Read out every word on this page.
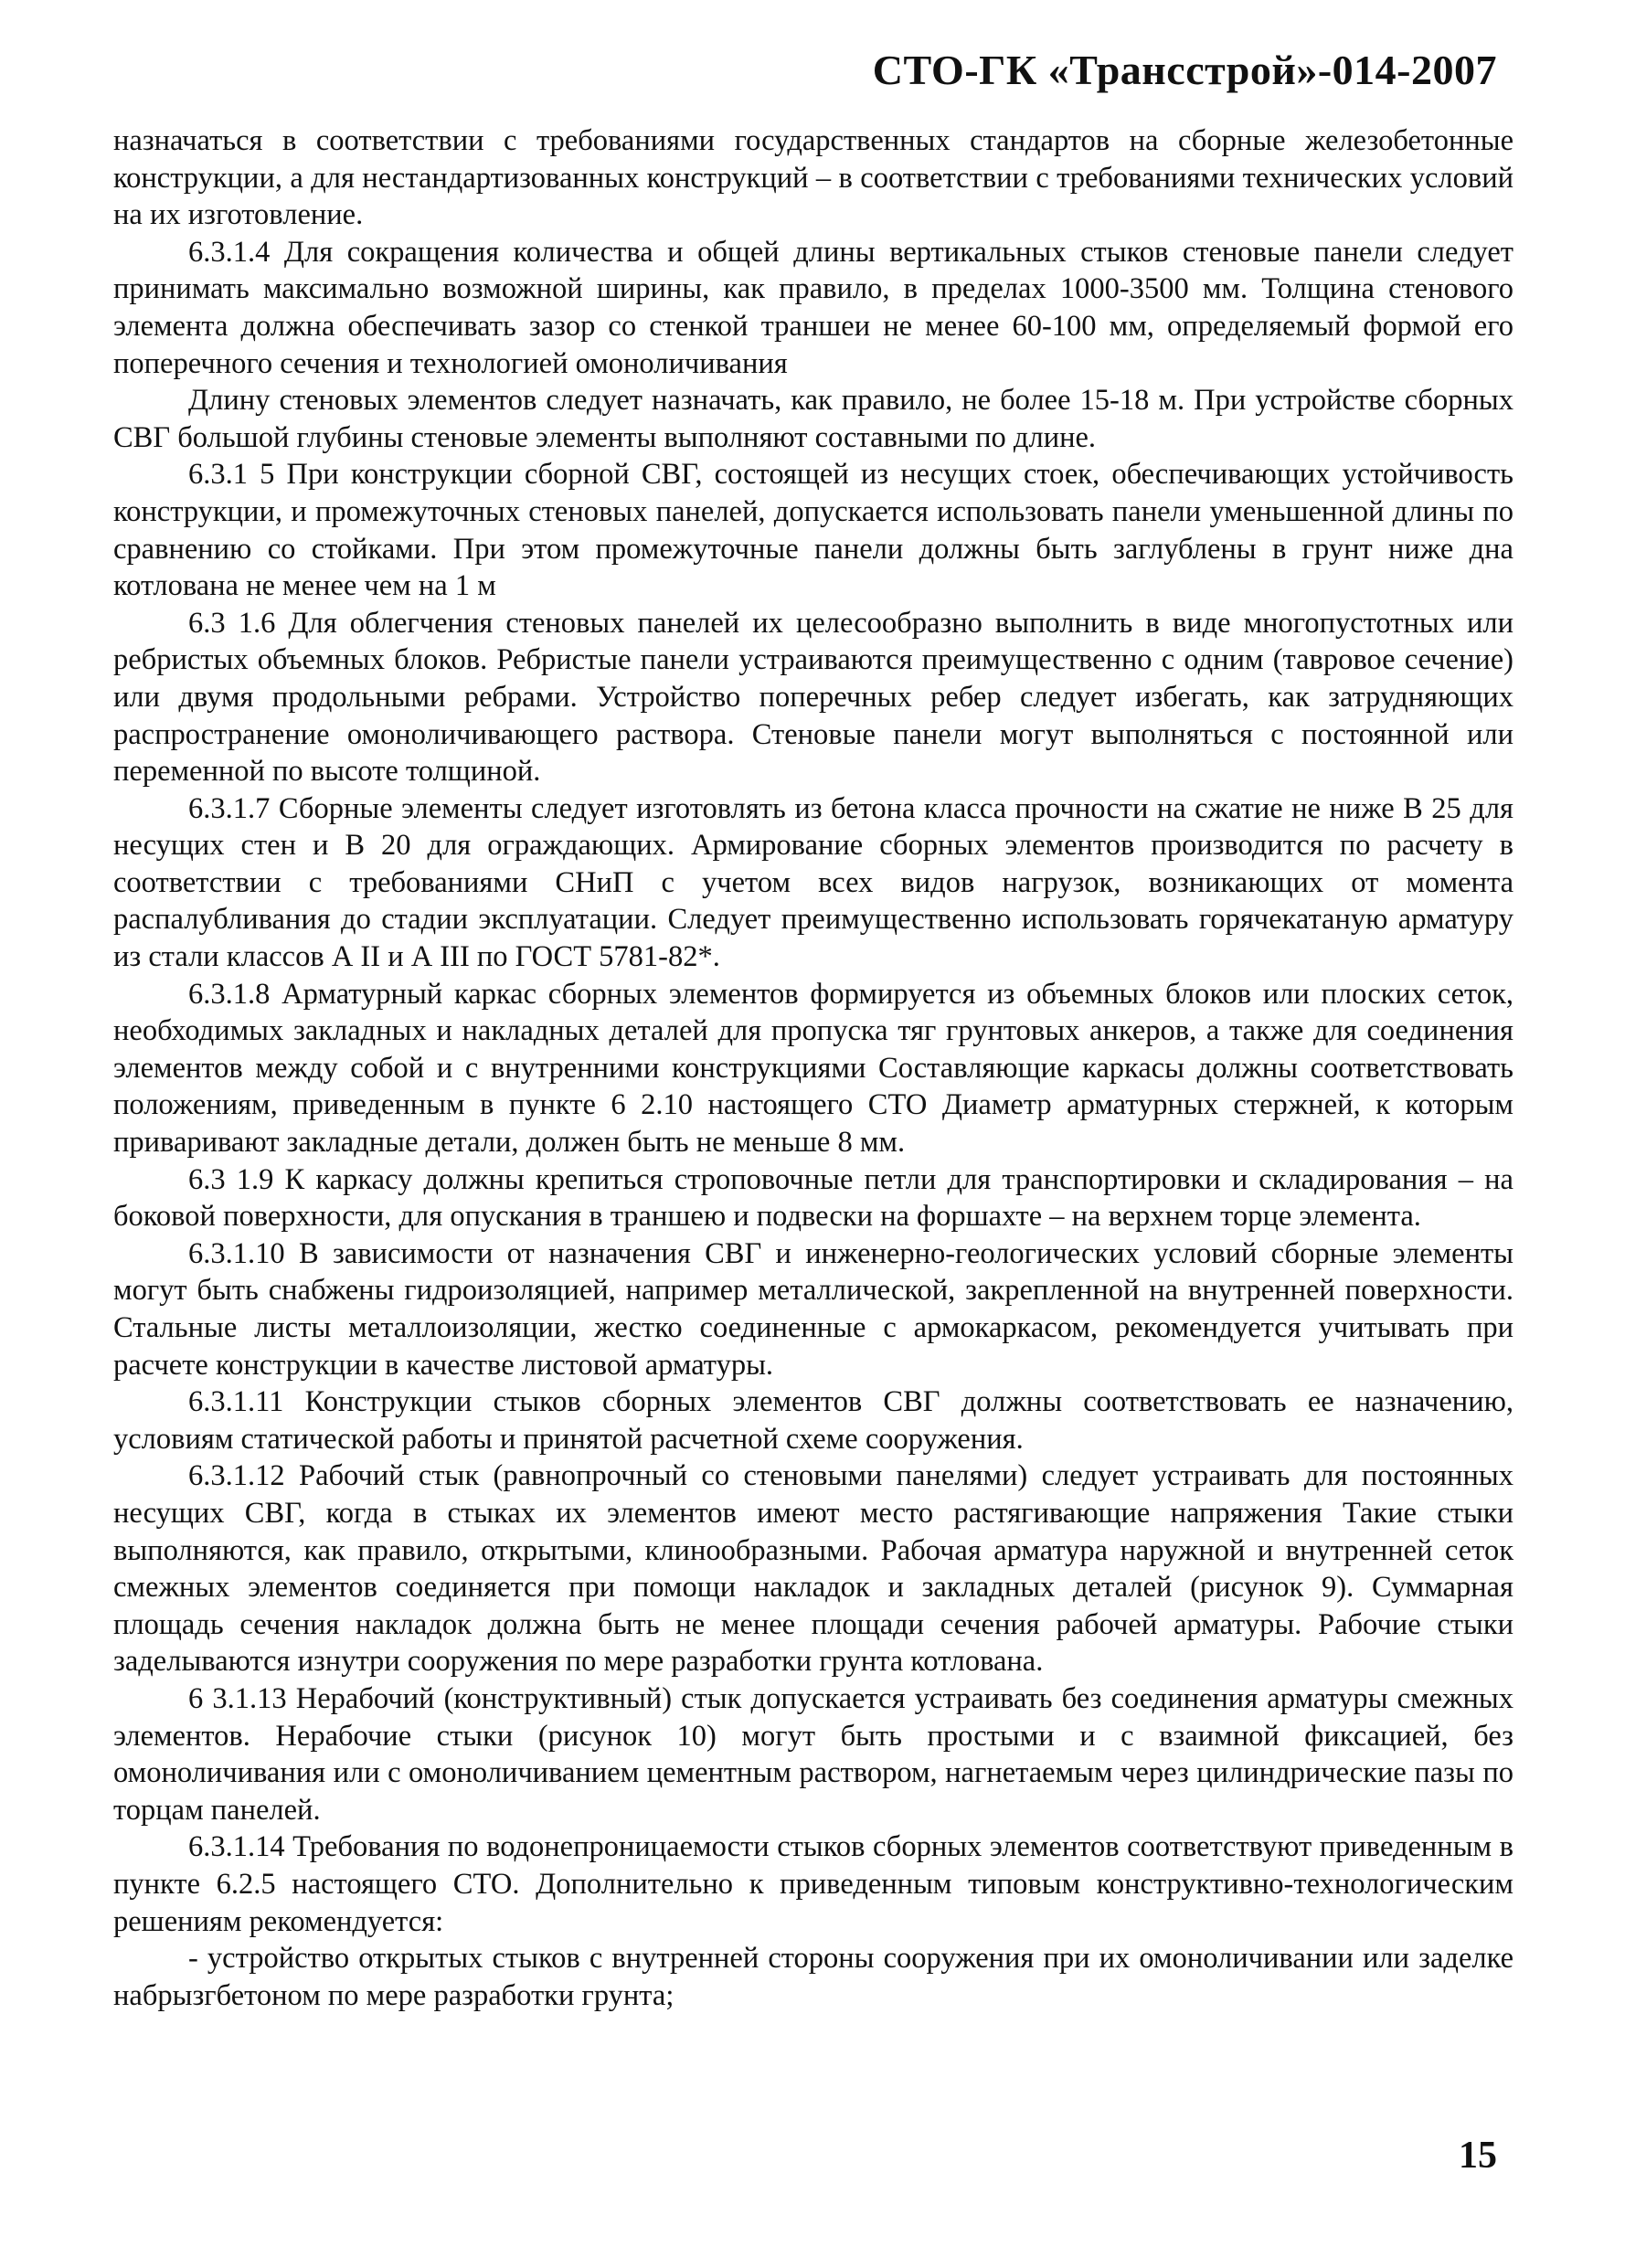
СТО-ГК «Трансстрой»-014-2007

назначаться в соответствии с требованиями государственных стандартов на сборные железобетонные конструкции, а для нестандартизованных конструкций – в соответствии с требованиями технических условий на их изготовление.

6.3.1.4 Для сокращения количества и общей длины вертикальных стыков стеновые панели следует принимать максимально возможной ширины, как правило, в пределах 1000-3500 мм. Толщина стенового элемента должна обеспечивать зазор со стенкой траншеи не менее 60-100 мм, определяемый формой его поперечного сечения и технологией омоноличивания

Длину стеновых элементов следует назначать, как правило, не более 15-18 м. При устройстве сборных СВГ большой глубины стеновые элементы выполняют составными по длине.

6.3.1 5 При конструкции сборной СВГ, состоящей из несущих стоек, обеспечивающих устойчивость конструкции, и промежуточных стеновых панелей, допускается использовать панели уменьшенной длины по сравнению со стойками. При этом промежуточные панели должны быть заглублены в грунт ниже дна котлована не менее чем на 1 м

6.3 1.6 Для облегчения стеновых панелей их целесообразно выполнить в виде многопустотных или ребристых объемных блоков. Ребристые панели устраиваются преимущественно с одним (тавровое сечение) или двумя продольными ребрами. Устройство поперечных ребер следует избегать, как затрудняющих распространение омоноличивающего раствора. Стеновые панели могут выполняться с постоянной или переменной по высоте толщиной.

6.3.1.7 Сборные элементы следует изготовлять из бетона класса прочности на сжатие не ниже В 25 для несущих стен и В 20 для ограждающих. Армирование сборных элементов производится по расчету в соответствии с требованиями СНиП с учетом всех видов нагрузок, возникающих от момента распалубливания до стадии эксплуатации. Следует преимущественно использовать горячекатаную арматуру из стали классов А II и А III по ГОСТ 5781-82*.

6.3.1.8 Арматурный каркас сборных элементов формируется из объемных блоков или плоских сеток, необходимых закладных и накладных деталей для пропуска тяг грунтовых анкеров, а также для соединения элементов между собой и с внутренними конструкциями Составляющие каркасы должны соответствовать положениям, приведенным в пункте 6 2.10 настоящего СТО Диаметр арматурных стержней, к которым приваривают закладные детали, должен быть не меньше 8 мм.

6.3 1.9 К каркасу должны крепиться строповочные петли для транспортировки и складирования – на боковой поверхности, для опускания в траншею и подвески на форшахте – на верхнем торце элемента.

6.3.1.10 В зависимости от назначения СВГ и инженерно-геологических условий сборные элементы могут быть снабжены гидроизоляцией, например металлической, закрепленной на внутренней поверхности. Стальные листы металлоизоляции, жестко соединенные с армокаркасом, рекомендуется учитывать при расчете конструкции в качестве листовой арматуры.

6.3.1.11 Конструкции стыков сборных элементов СВГ должны соответствовать ее назначению, условиям статической работы и принятой расчетной схеме сооружения.

6.3.1.12 Рабочий стык (равнопрочный со стеновыми панелями) следует устраивать для постоянных несущих СВГ, когда в стыках их элементов имеют место растягивающие напряжения Такие стыки выполняются, как правило, открытыми, клинообразными. Рабочая арматура наружной и внутренней сеток смежных элементов соединяется при помощи накладок и закладных деталей (рисунок 9). Суммарная площадь сечения накладок должна быть не менее площади сечения рабочей арматуры. Рабочие стыки заделываются изнутри сооружения по мере разработки грунта котлована.

6 3.1.13 Нерабочий (конструктивный) стык допускается устраивать без соединения арматуры смежных элементов. Нерабочие стыки (рисунок 10) могут быть простыми и с взаимной фиксацией, без омоноличивания или с омоноличиванием цементным раствором, нагнетаемым через цилиндрические пазы по торцам панелей.

6.3.1.14 Требования по водонепроницаемости стыков сборных элементов соответствуют приведенным в пункте 6.2.5 настоящего СТО. Дополнительно к приведенным типовым конструктивно-технологическим решениям рекомендуется:

- устройство открытых стыков с внутренней стороны сооружения при их омоноличивании или заделке набрызгбетоном по мере разработки грунта;

15
